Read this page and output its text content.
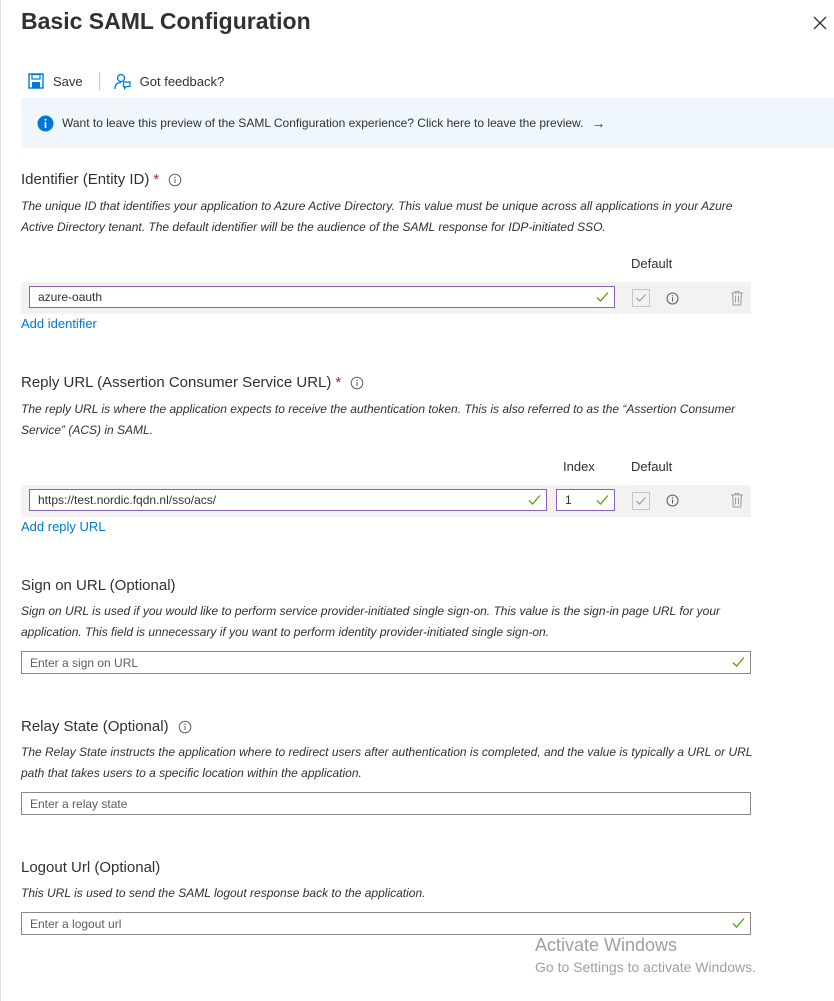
Basic SAML Configuration
Save	Got feedback?
Want to leave this preview of the SAML Configuration experience? Click here to leave the preview. →
Identifier (Entity ID) *
The unique ID that identifies your application to Azure Active Directory. This value must be unique across all applications in your Azure Active Directory tenant. The default identifier will be the audience of the SAML response for IDP-initiated SSO.
Default
azure-oauth
Add identifier
Reply URL (Assertion Consumer Service URL) *
The reply URL is where the application expects to receive the authentication token. This is also referred to as the “Assertion Consumer Service” (ACS) in SAML.
Index	Default
https://test.nordic.fqdn.nl/sso/acs/	1
Add reply URL
Sign on URL (Optional)
Sign on URL is used if you would like to perform service provider-initiated single sign-on. This value is the sign-in page URL for your application. This field is unnecessary if you want to perform identity provider-initiated single sign-on.
Enter a sign on URL
Relay State (Optional)
The Relay State instructs the application where to redirect users after authentication is completed, and the value is typically a URL or URL path that takes users to a specific location within the application.
Enter a relay state
Logout Url (Optional)
This URL is used to send the SAML logout response back to the application.
Enter a logout url
Activate Windows
Go to Settings to activate Windows.
